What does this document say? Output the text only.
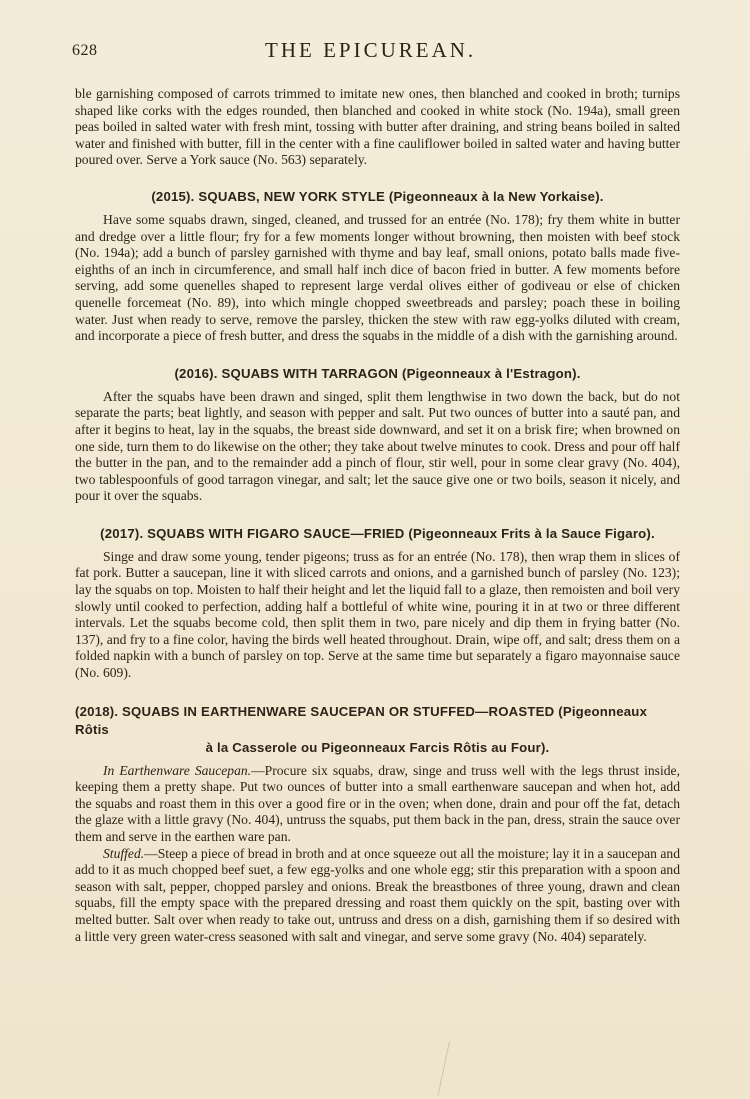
628	THE EPICUREAN.

ble garnishing composed of carrots trimmed to imitate new ones, then blanched and cooked in broth; turnips shaped like corks with the edges rounded, then blanched and cooked in white stock (No. 194a), small green peas boiled in salted water with fresh mint, tossing with butter after draining, and string beans boiled in salted water and finished with butter, fill in the center with a fine cauliflower boiled in salted water and having butter poured over. Serve a York sauce (No. 563) separately.

(2015). SQUABS, NEW YORK STYLE (Pigeonneaux à la New Yorkaise).

Have some squabs drawn, singed, cleaned, and trussed for an entrée (No. 178); fry them white in butter and dredge over a little flour; fry for a few moments longer without browning, then moisten with beef stock (No. 194a); add a bunch of parsley garnished with thyme and bay leaf, small onions, potato balls made five-eighths of an inch in circumference, and small half inch dice of bacon fried in butter. A few moments before serving, add some quenelles shaped to represent large verdal olives either of godiveau or else of chicken quenelle forcemeat (No. 89), into which mingle chopped sweetbreads and parsley; poach these in boiling water. Just when ready to serve, remove the parsley, thicken the stew with raw egg-yolks diluted with cream, and incorporate a piece of fresh butter, and dress the squabs in the middle of a dish with the garnishing around.

(2016). SQUABS WITH TARRAGON (Pigeonneaux à l'Estragon).

After the squabs have been drawn and singed, split them lengthwise in two down the back, but do not separate the parts; beat lightly, and season with pepper and salt. Put two ounces of butter into a sauté pan, and after it begins to heat, lay in the squabs, the breast side downward, and set it on a brisk fire; when browned on one side, turn them to do likewise on the other; they take about twelve minutes to cook. Dress and pour off half the butter in the pan, and to the remainder add a pinch of flour, stir well, pour in some clear gravy (No. 404), two tablespoonfuls of good tarragon vinegar, and salt; let the sauce give one or two boils, season it nicely, and pour it over the squabs.

(2017). SQUABS WITH FIGARO SAUCE—FRIED (Pigeonneaux Frits à la Sauce Figaro).

Singe and draw some young, tender pigeons; truss as for an entrée (No. 178), then wrap them in slices of fat pork. Butter a saucepan, line it with sliced carrots and onions, and a garnished bunch of parsley (No. 123); lay the squabs on top. Moisten to half their height and let the liquid fall to a glaze, then remoisten and boil very slowly until cooked to perfection, adding half a bottleful of white wine, pouring it in at two or three different intervals. Let the squabs become cold, then split them in two, pare nicely and dip them in frying batter (No. 137), and fry to a fine color, having the birds well heated throughout. Drain, wipe off, and salt; dress them on a folded napkin with a bunch of parsley on top. Serve at the same time but separately a figaro mayonnaise sauce (No. 609).

(2018). SQUABS IN EARTHENWARE SAUCEPAN OR STUFFED—ROASTED (Pigeonneaux Rôtis
à la Casserole ou Pigeonneaux Farcis Rôtis au Four).

In Earthenware Saucepan.—Procure six squabs, draw, singe and truss well with the legs thrust inside, keeping them a pretty shape. Put two ounces of butter into a small earthenware saucepan and when hot, add the squabs and roast them in this over a good fire or in the oven; when done, drain and pour off the fat, detach the glaze with a little gravy (No. 404), untruss the squabs, put them back in the pan, dress, strain the sauce over them and serve in the earthen ware pan.

Stuffed.—Steep a piece of bread in broth and at once squeeze out all the moisture; lay it in a saucepan and add to it as much chopped beef suet, a few egg-yolks and one whole egg; stir this preparation with a spoon and season with salt, pepper, chopped parsley and onions. Break the breastbones of three young, drawn and clean squabs, fill the empty space with the prepared dressing and roast them quickly on the spit, basting over with melted butter. Salt over when ready to take out, untruss and dress on a dish, garnishing them if so desired with a little very green water-cress seasoned with salt and vinegar, and serve some gravy (No. 404) separately.
